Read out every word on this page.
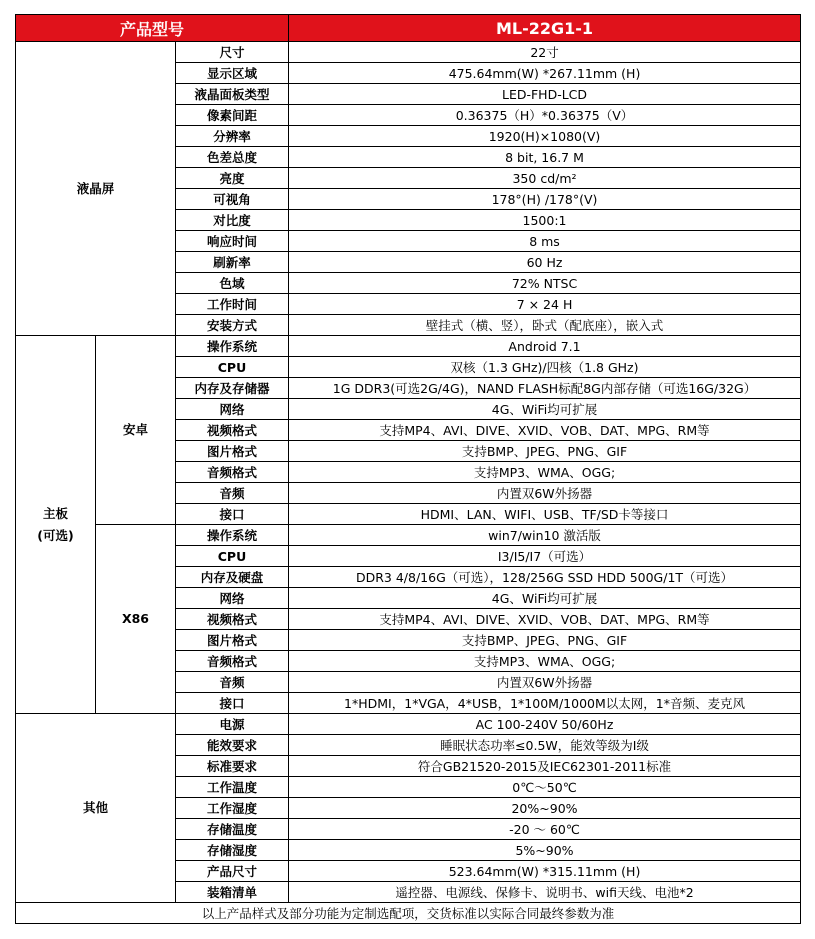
产品型号			ML-22G1-1
液晶屏		尺寸	22寸
		显示区域	475.64mm(W) *267.11mm (H)
		液晶面板类型	LED-FHD-LCD
		像素间距	0.36375（H）*0.36375（V）
		分辨率	1920(H)×1080(V)
		色差总度	8 bit, 16.7 M
		亮度	350 cd/m²
		可视角	178°(H) /178°(V)
		对比度	1500:1
		响应时间	8 ms
		刷新率	60 Hz
		色域	72% NTSC
		工作时间	7 × 24 H
		安装方式	壁挂式（横、竖），卧式（配底座），嵌入式

主板
(可选)	安卓	操作系统	Android 7.1
		CPU	双核（1.3 GHz)/四核（1.8 GHz)
		内存及存储器	1G DDR3(可选2G/4G)，NAND FLASH标配8G内部存储（可选16G/32G）
		网络	4G、WiFi均可扩展
		视频格式	支持MP4、AVI、DIVE、XVID、VOB、DAT、MPG、RM等
		图片格式	支持BMP、JPEG、PNG、GIF
		音频格式	支持MP3、WMA、OGG;
		音频	内置双6W外扬器
		接口	HDMI、LAN、WIFI、USB、TF/SD卡等接口
	X86	操作系统	win7/win10 激活版
		CPU	I3/I5/I7（可选）
		内存及硬盘	DDR3 4/8/16G（可选），128/256G SSD HDD 500G/1T（可选）
		网络	4G、WiFi均可扩展
		视频格式	支持MP4、AVI、DIVE、XVID、VOB、DAT、MPG、RM等
		图片格式	支持BMP、JPEG、PNG、GIF
		音频格式	支持MP3、WMA、OGG;
		音频	内置双6W外扬器
		接口	1*HDMI，1*VGA，4*USB，1*100M/1000M以太网，1*音频、麦克风
其他		电源	AC 100-240V 50/60Hz
		能效要求	睡眠状态功率≤0.5W，能效等级为I级
		标准要求	符合GB21520-2015及IEC62301-2011标准
		工作温度	0℃～50℃
		工作湿度	20%~90%
		存储温度	-20 ～ 60℃
		存储湿度	5%~90%
		产品尺寸	523.64mm(W) *315.11mm (H)
		装箱清单	遥控器、电源线、保修卡、说明书、wifi天线、电池*2
以上产品样式及部分功能为定制选配项，交货标准以实际合同最终参数为准			
